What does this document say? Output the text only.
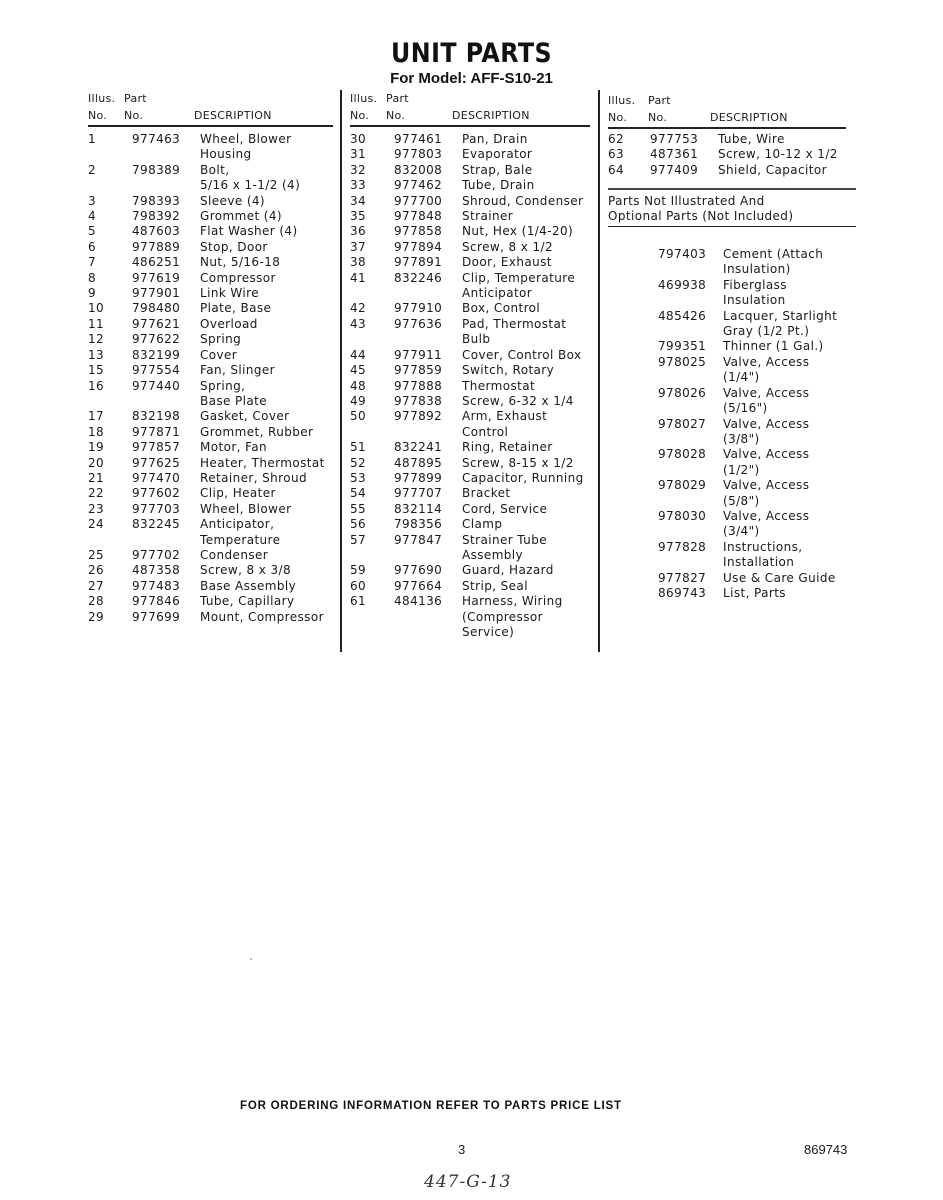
UNIT PARTS
For Model: AFF-S10-21
Illus. Part
No. No.	DESCRIPTION
1	977463	Wheel, Blower
Housing
2	798389	Bolt,
5/16 x 1-1/2 (4)
3	798393	Sleeve (4)
4	798392	Grommet (4)
5	487603	Flat Washer (4)
6	977889	Stop, Door
7	486251	Nut, 5/16-18
8	977619	Compressor
9	977901	Link Wire
10	798480	Plate, Base
11	977621	Overload
12	977622	Spring
13	832199	Cover
15	977554	Fan, Slinger
16	977440	Spring,
Base Plate
17	832198	Gasket, Cover
18	977871	Grommet, Rubber
19	977857	Motor, Fan
20	977625	Heater, Thermostat
21	977470	Retainer, Shroud
22	977602	Clip, Heater
23	977703	Wheel, Blower
24	832245	Anticipator,
Temperature
25	977702	Condenser
26	487358	Screw, 8 x 3/8
27	977483	Base Assembly
28	977846	Tube, Capillary
29	977699	Mount, Compressor
Illus. Part
No. No.	DESCRIPTION
30	977461	Pan, Drain
31	977803	Evaporator
32	832008	Strap, Bale
33	977462	Tube, Drain
34	977700	Shroud, Condenser
35	977848	Strainer
36	977858	Nut, Hex (1/4-20)
37	977894	Screw, 8 x 1/2
38	977891	Door, Exhaust
41	832246	Clip, Temperature
Anticipator
42	977910	Box, Control
43	977636	Pad, Thermostat
Bulb
44	977911	Cover, Control Box
45	977859	Switch, Rotary
48	977888	Thermostat
49	977838	Screw, 6-32 x 1/4
50	977892	Arm, Exhaust
Control
51	832241	Ring, Retainer
52	487895	Screw, 8-15 x 1/2
53	977899	Capacitor, Running
54	977707	Bracket
55	832114	Cord, Service
56	798356	Clamp
57	977847	Strainer Tube
Assembly
59	977690	Guard, Hazard
60	977664	Strip, Seal
61	484136	Harness, Wiring
(Compressor
Service)
Illus. Part
No. No.	DESCRIPTION
62	977753	Tube, Wire
63	487361	Screw, 10-12 x 1/2
64	977409	Shield, Capacitor
Parts Not Illustrated And
Optional Parts (Not Included)
797403	Cement (Attach
Insulation)
469938	Fiberglass
Insulation
485426	Lacquer, Starlight
Gray (1/2 Pt.)
799351	Thinner (1 Gal.)
978025	Valve, Access
(1/4")
978026	Valve, Access
(5/16")
978027	Valve, Access
(3/8")
978028	Valve, Access
(1/2")
978029	Valve, Access
(5/8")
978030	Valve, Access
(3/4")
977828	Instructions,
Installation
977827	Use & Care Guide
869743	List, Parts
FOR ORDERING INFORMATION REFER TO PARTS PRICE LIST
3	869743
447-G-13
